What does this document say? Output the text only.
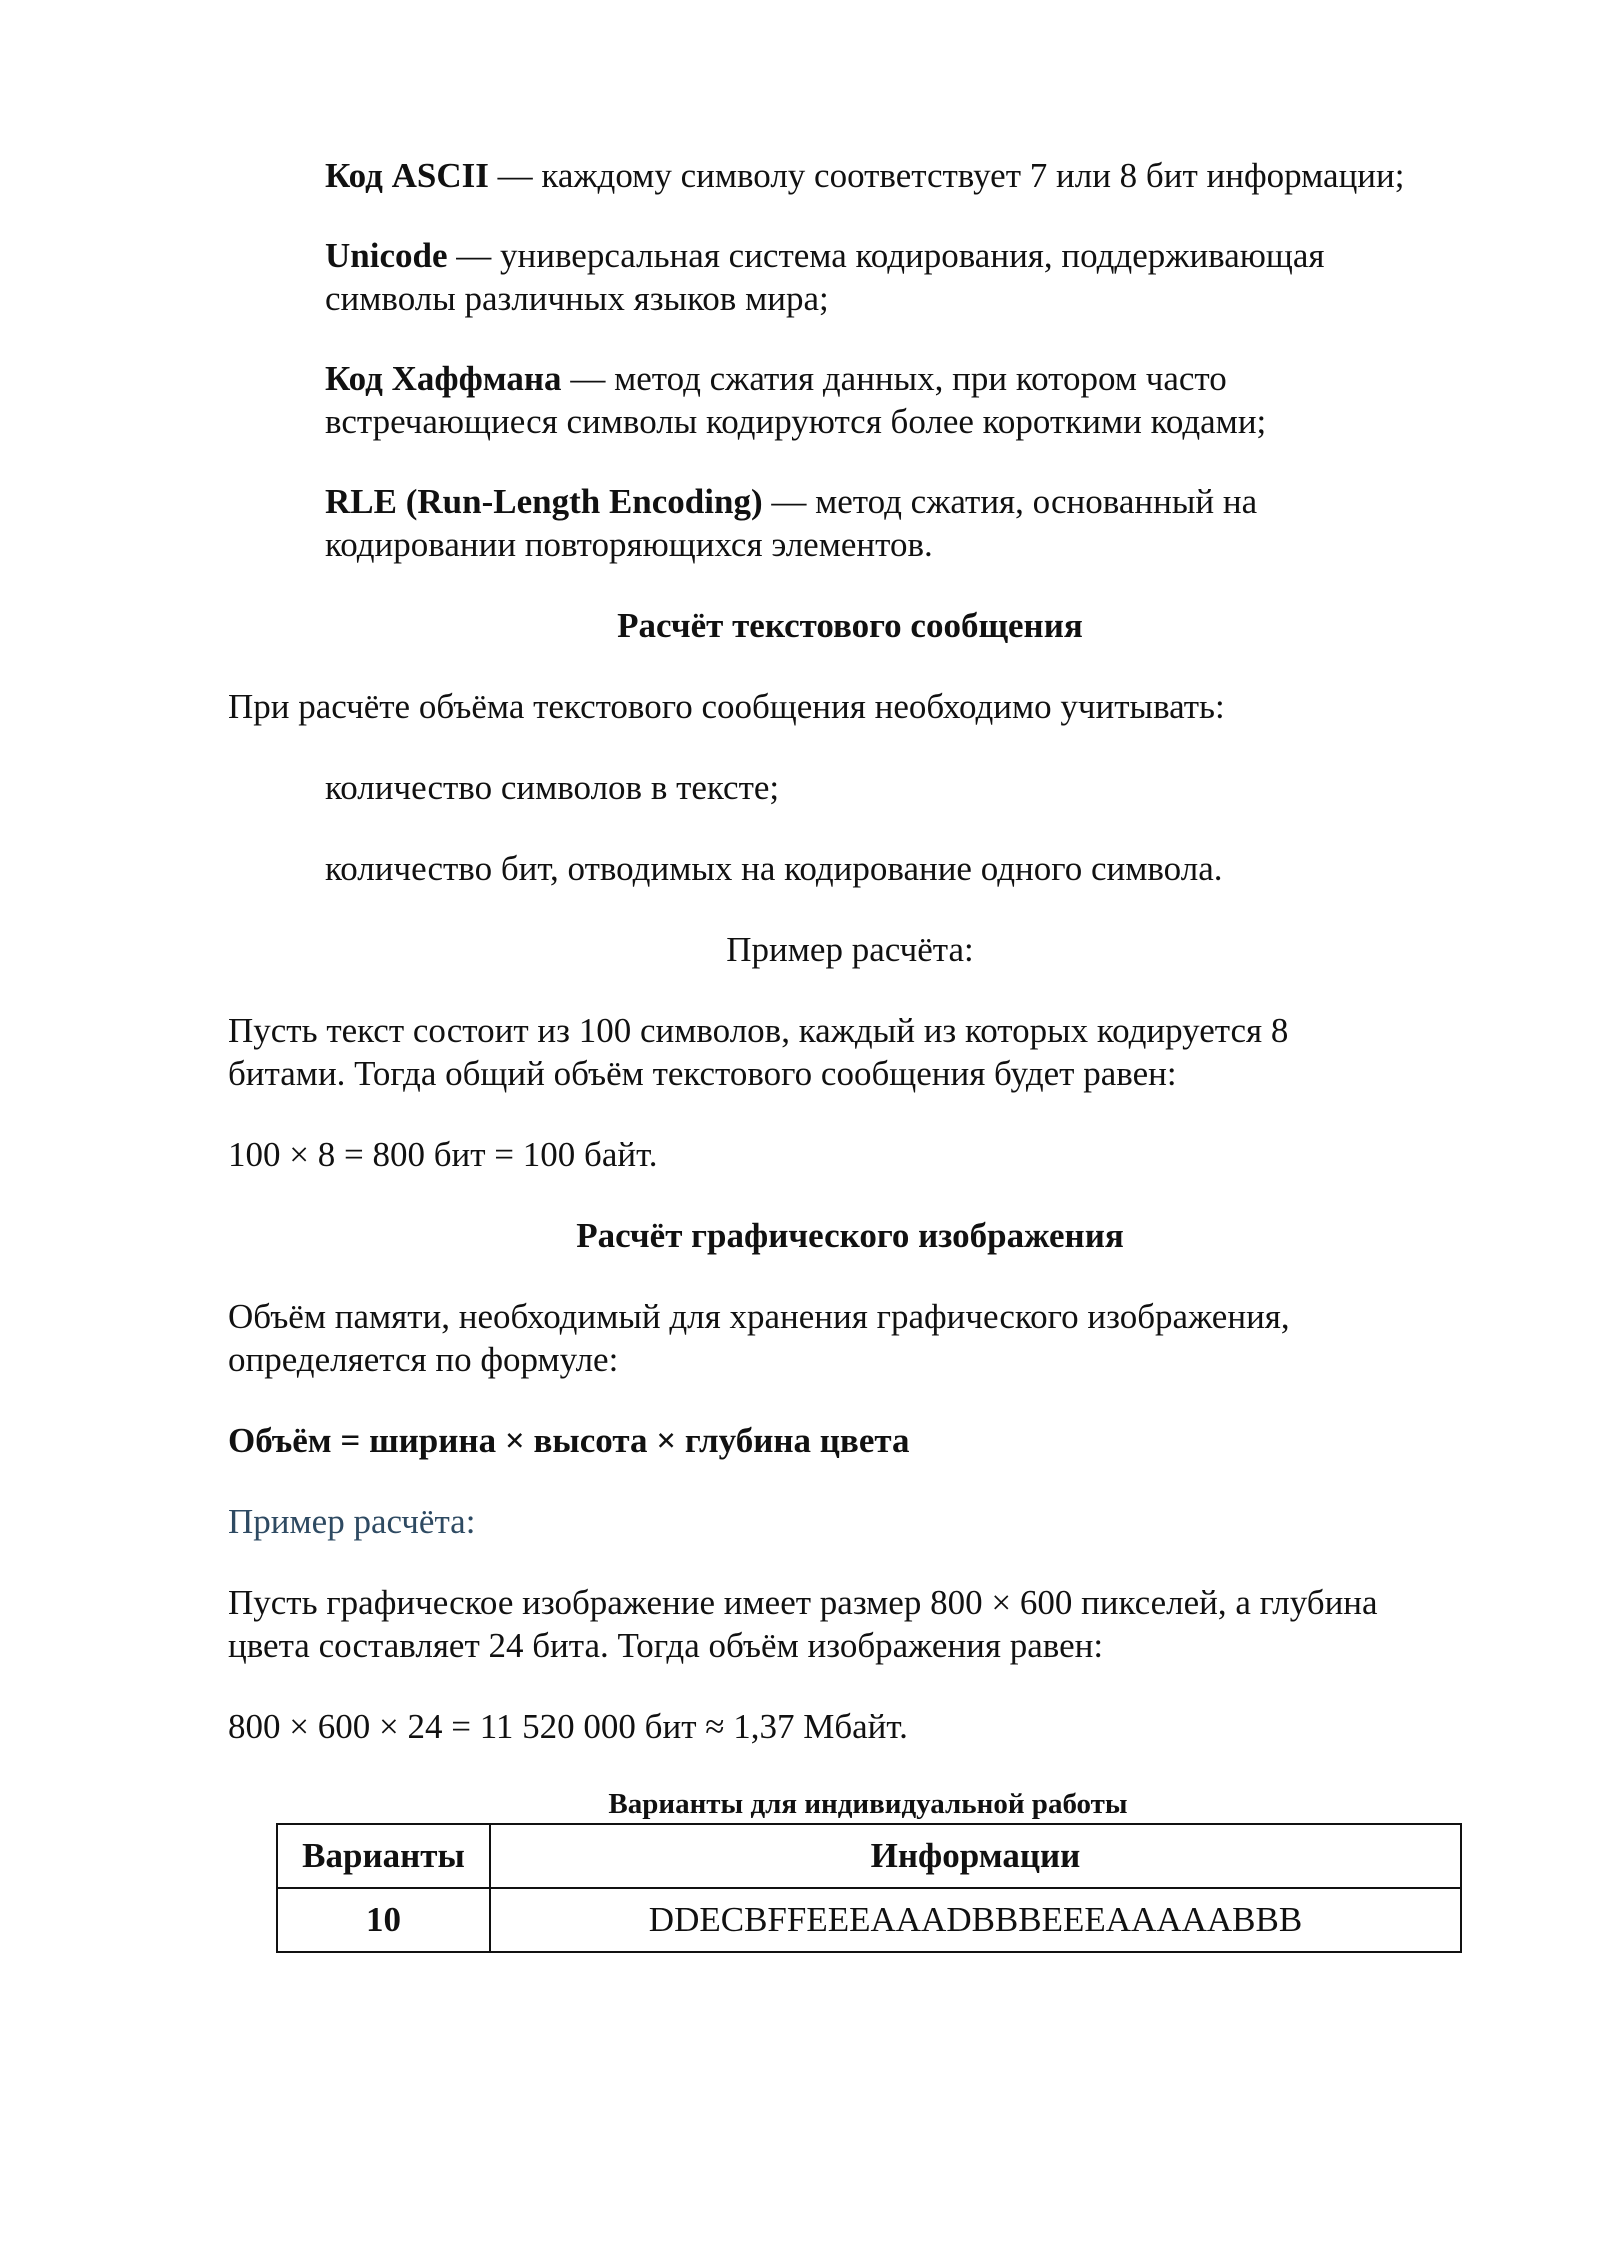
Код ASCII — каждому символу соответствует 7 или 8 бит информации;

Unicode — универсальная система кодирования, поддерживающая

символы различных языков мира;

Код Хаффмана — метод сжатия данных, при котором часто

встречающиеся символы кодируются более короткими кодами;

RLE (Run-Length Encoding) — метод сжатия, основанный на

кодировании повторяющихся элементов.

Расчёт текстового сообщения

При расчёте объёма текстового сообщения необходимо учитывать:

количество символов в тексте;

количество бит, отводимых на кодирование одного символа.

Пример расчёта:

Пусть текст состоит из 100 символов, каждый из которых кодируется 8

битами. Тогда общий объём текстового сообщения будет равен:

100 × 8 = 800 бит = 100 байт.

Расчёт графического изображения

Объём памяти, необходимый для хранения графического изображения,

определяется по формуле:

Объём = ширина × высота × глубина цвета

Пример расчёта:

Пусть графическое изображение имеет размер 800 × 600 пикселей, а глубина

цвета составляет 24 бита. Тогда объём изображения равен:

800 × 600 × 24 = 11 520 000 бит ≈ 1,37 Мбайт.

Варианты для индивидуальной работы
Варианты	Информации
10	DDECBFFEEEAAADBBBEEEAAAAABBB
